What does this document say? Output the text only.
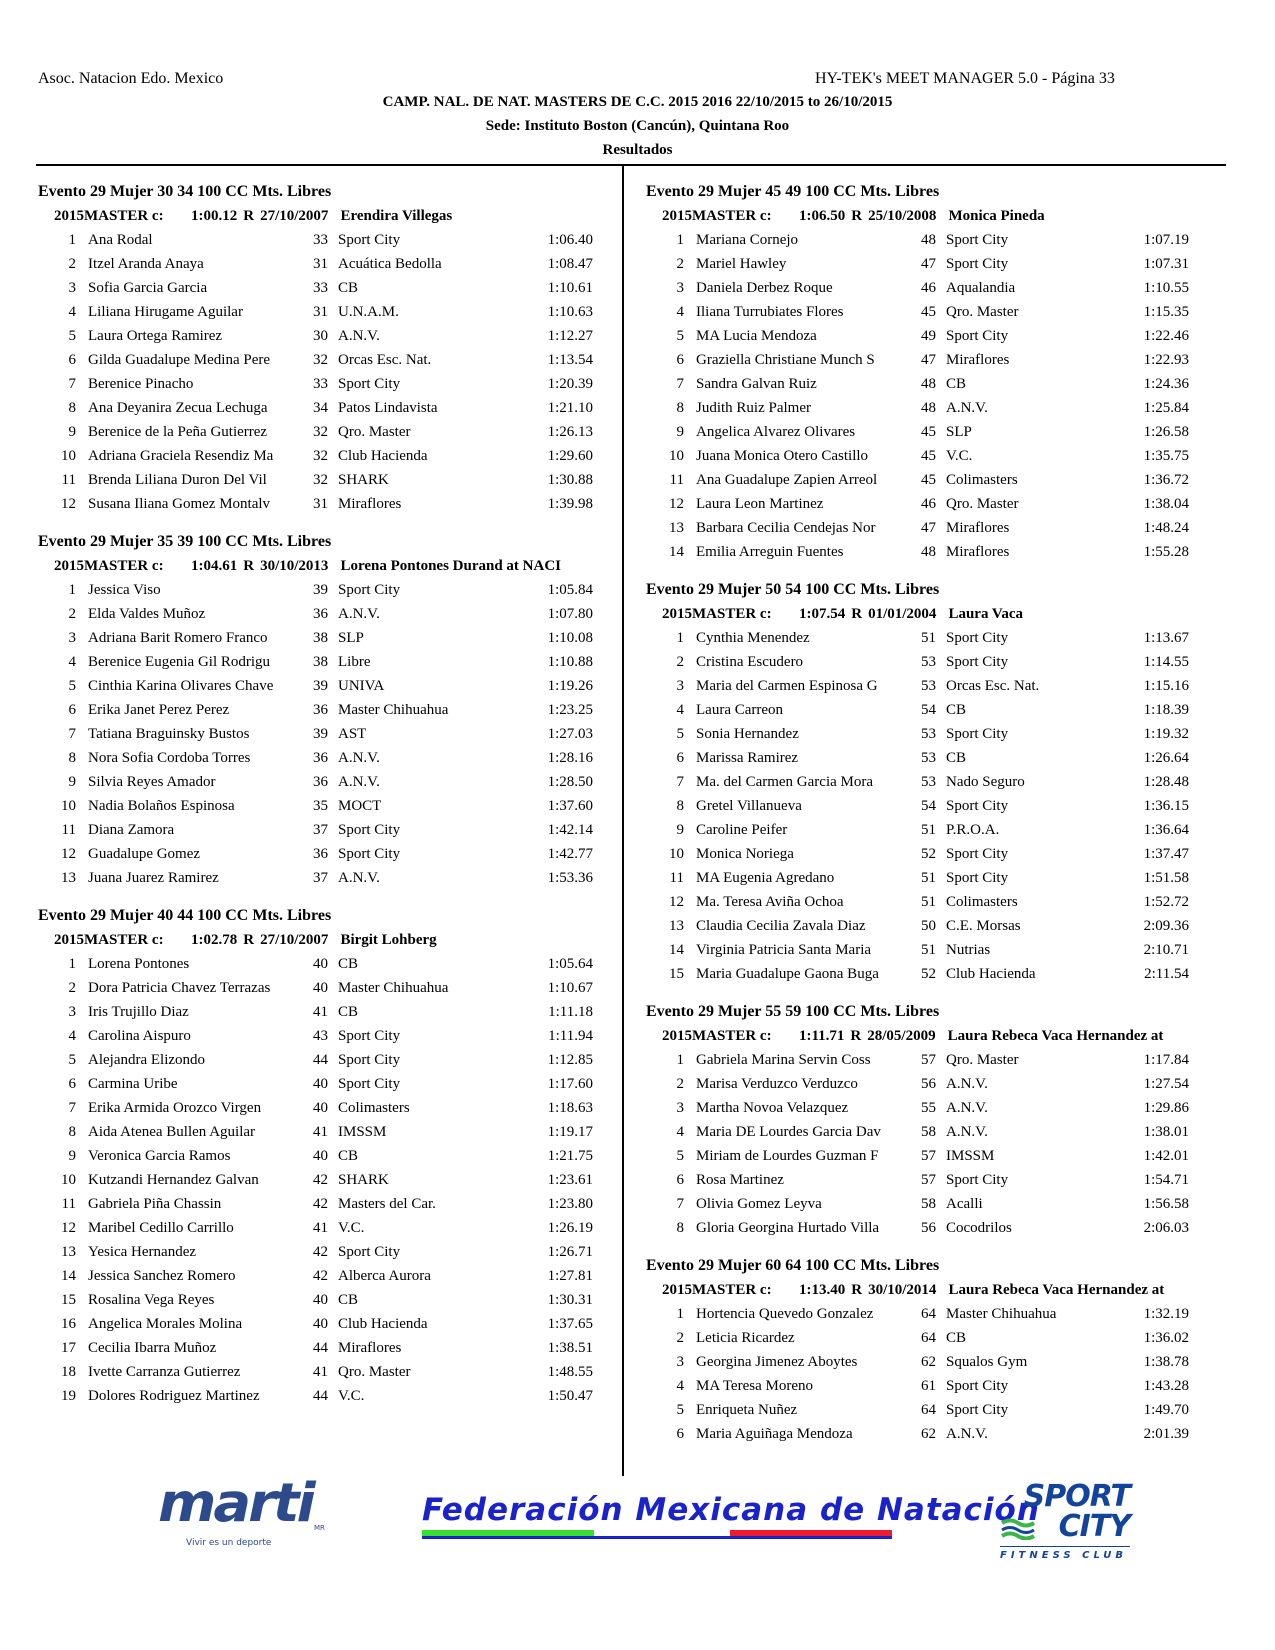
Asoc. Natacion Edo. Mexico	HY-TEK's MEET MANAGER 5.0 - Página 33
CAMP. NAL. DE NAT. MASTERS DE C.C. 2015 2016 22/10/2015 to 26/10/2015
Sede: Instituto Boston (Cancún), Quintana Roo
Resultados
Evento 29 Mujer 30 34 100 CC Mts. Libres
2015MASTER c: 1:00.12 R 27/10/2007 Erendira Villegas
1 Ana Rodal	33 Sport City	1:06.40
2 Itzel Aranda Anaya	31 Acuática Bedolla	1:08.47
3 Sofia Garcia Garcia	33 CB	1:10.61
4 Liliana Hirugame Aguilar	31 U.N.A.M.	1:10.63
5 Laura Ortega Ramirez	30 A.N.V.	1:12.27
6 Gilda Guadalupe Medina Pere	32 Orcas Esc. Nat.	1:13.54
7 Berenice Pinacho	33 Sport City	1:20.39
8 Ana Deyanira Zecua Lechuga	34 Patos Lindavista	1:21.10
9 Berenice de la Peña Gutierrez	32 Qro. Master	1:26.13
10 Adriana Graciela Resendiz Ma	32 Club Hacienda	1:29.60
11 Brenda Liliana Duron Del Vil	32 SHARK	1:30.88
12 Susana Iliana Gomez Montalv	31 Miraflores	1:39.98
Evento 29 Mujer 35 39 100 CC Mts. Libres
2015MASTER c: 1:04.61 R 30/10/2013 Lorena Pontones Durand at NACI
1 Jessica Viso	39 Sport City	1:05.84
2 Elda Valdes Muñoz	36 A.N.V.	1:07.80
3 Adriana Barit Romero Franco	38 SLP	1:10.08
4 Berenice Eugenia Gil Rodrigu	38 Libre	1:10.88
5 Cinthia Karina Olivares Chave	39 UNIVA	1:19.26
6 Erika Janet Perez Perez	36 Master Chihuahua	1:23.25
7 Tatiana Braguinsky Bustos	39 AST	1:27.03
8 Nora Sofia Cordoba Torres	36 A.N.V.	1:28.16
9 Silvia Reyes Amador	36 A.N.V.	1:28.50
10 Nadia Bolaños Espinosa	35 MOCT	1:37.60
11 Diana Zamora	37 Sport City	1:42.14
12 Guadalupe Gomez	36 Sport City	1:42.77
13 Juana Juarez Ramirez	37 A.N.V.	1:53.36
Evento 29 Mujer 40 44 100 CC Mts. Libres
2015MASTER c: 1:02.78 R 27/10/2007 Birgit Lohberg
1 Lorena Pontones	40 CB	1:05.64
2 Dora Patricia Chavez Terrazas	40 Master Chihuahua	1:10.67
3 Iris Trujillo Diaz	41 CB	1:11.18
4 Carolina Aispuro	43 Sport City	1:11.94
5 Alejandra Elizondo	44 Sport City	1:12.85
6 Carmina Uribe	40 Sport City	1:17.60
7 Erika Armida Orozco Virgen	40 Colimasters	1:18.63
8 Aida Atenea Bullen Aguilar	41 IMSSM	1:19.17
9 Veronica Garcia Ramos	40 CB	1:21.75
10 Kutzandi Hernandez Galvan	42 SHARK	1:23.61
11 Gabriela Piña Chassin	42 Masters del Car.	1:23.80
12 Maribel Cedillo Carrillo	41 V.C.	1:26.19
13 Yesica Hernandez	42 Sport City	1:26.71
14 Jessica Sanchez Romero	42 Alberca Aurora	1:27.81
15 Rosalina Vega Reyes	40 CB	1:30.31
16 Angelica Morales Molina	40 Club Hacienda	1:37.65
17 Cecilia Ibarra Muñoz	44 Miraflores	1:38.51
18 Ivette Carranza Gutierrez	41 Qro. Master	1:48.55
19 Dolores Rodriguez Martinez	44 V.C.	1:50.47
Evento 29 Mujer 45 49 100 CC Mts. Libres
2015MASTER c: 1:06.50 R 25/10/2008 Monica Pineda
1 Mariana Cornejo	48 Sport City	1:07.19
2 Mariel Hawley	47 Sport City	1:07.31
3 Daniela Derbez Roque	46 Aqualandia	1:10.55
4 Iliana Turrubiates Flores	45 Qro. Master	1:15.35
5 MA Lucia Mendoza	49 Sport City	1:22.46
6 Graziella Christiane Munch S	47 Miraflores	1:22.93
7 Sandra Galvan Ruiz	48 CB	1:24.36
8 Judith Ruiz Palmer	48 A.N.V.	1:25.84
9 Angelica Alvarez Olivares	45 SLP	1:26.58
10 Juana Monica Otero Castillo	45 V.C.	1:35.75
11 Ana Guadalupe Zapien Arreol	45 Colimasters	1:36.72
12 Laura Leon Martinez	46 Qro. Master	1:38.04
13 Barbara Cecilia Cendejas Nor	47 Miraflores	1:48.24
14 Emilia Arreguin Fuentes	48 Miraflores	1:55.28
Evento 29 Mujer 50 54 100 CC Mts. Libres
2015MASTER c: 1:07.54 R 01/01/2004 Laura Vaca
1 Cynthia Menendez	51 Sport City	1:13.67
2 Cristina Escudero	53 Sport City	1:14.55
3 Maria del Carmen Espinosa G	53 Orcas Esc. Nat.	1:15.16
4 Laura Carreon	54 CB	1:18.39
5 Sonia Hernandez	53 Sport City	1:19.32
6 Marissa Ramirez	53 CB	1:26.64
7 Ma. del Carmen Garcia Mora	53 Nado Seguro	1:28.48
8 Gretel Villanueva	54 Sport City	1:36.15
9 Caroline Peifer	51 P.R.O.A.	1:36.64
10 Monica Noriega	52 Sport City	1:37.47
11 MA Eugenia Agredano	51 Sport City	1:51.58
12 Ma. Teresa Aviña Ochoa	51 Colimasters	1:52.72
13 Claudia Cecilia Zavala Diaz	50 C.E. Morsas	2:09.36
14 Virginia Patricia Santa Maria	51 Nutrias	2:10.71
15 Maria Guadalupe Gaona Buga	52 Club Hacienda	2:11.54
Evento 29 Mujer 55 59 100 CC Mts. Libres
2015MASTER c: 1:11.71 R 28/05/2009 Laura Rebeca Vaca Hernandez at
1 Gabriela Marina Servin Coss	57 Qro. Master	1:17.84
2 Marisa Verduzco Verduzco	56 A.N.V.	1:27.54
3 Martha Novoa Velazquez	55 A.N.V.	1:29.86
4 Maria DE Lourdes Garcia Dav	58 A.N.V.	1:38.01
5 Miriam de Lourdes Guzman F	57 IMSSM	1:42.01
6 Rosa Martinez	57 Sport City	1:54.71
7 Olivia Gomez Leyva	58 Acalli	1:56.58
8 Gloria Georgina Hurtado Villa	56 Cocodrilos	2:06.03
Evento 29 Mujer 60 64 100 CC Mts. Libres
2015MASTER c: 1:13.40 R 30/10/2014 Laura Rebeca Vaca Hernandez at
1 Hortencia Quevedo Gonzalez	64 Master Chihuahua	1:32.19
2 Leticia Ricardez	64 CB	1:36.02
3 Georgina Jimenez Aboytes	62 Squalos Gym	1:38.78
4 MA Teresa Moreno	61 Sport City	1:43.28
5 Enriqueta Nuñez	64 Sport City	1:49.70
6 Maria Aguiñaga Mendoza	62 A.N.V.	2:01.39
marti MR
Vivir es un deporte
Federación Mexicana de Natación
SPORT
CITY
FITNESS CLUB
